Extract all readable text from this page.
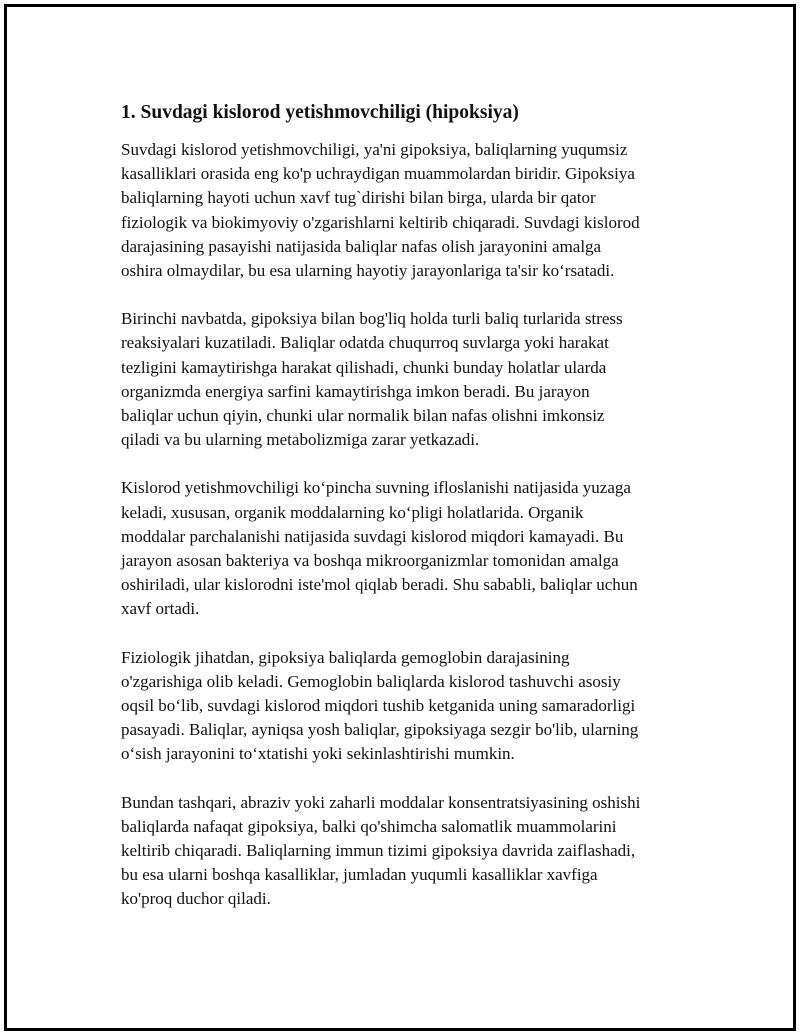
1. Suvdagi kislorod yetishmovchiligi (hipoksiya)
Suvdagi kislorod yetishmovchiligi, ya'ni gipoksiya, baliqlarning yuqumsiz
kasalliklari orasida eng ko'p uchraydigan muammolardan biridir. Gipoksiya
baliqlarning hayoti uchun xavf tug`dirishi bilan birga, ularda bir qator
fiziologik va biokimyoviy o'zgarishlarni keltirib chiqaradi. Suvdagi kislorod
darajasining pasayishi natijasida baliqlar nafas olish jarayonini amalga
oshira olmaydilar, bu esa ularning hayotiy jarayonlariga ta'sir ko‘rsatadi.
Birinchi navbatda, gipoksiya bilan bog'liq holda turli baliq turlarida stress
reaksiyalari kuzatiladi. Baliqlar odatda chuqurroq suvlarga yoki harakat
tezligini kamaytirishga harakat qilishadi, chunki bunday holatlar ularda
organizmda energiya sarfini kamaytirishga imkon beradi. Bu jarayon
baliqlar uchun qiyin, chunki ular normalik bilan nafas olishni imkonsiz
qiladi va bu ularning metabolizmiga zarar yetkazadi.
Kislorod yetishmovchiligi ko‘pincha suvning ifloslanishi natijasida yuzaga
keladi, xususan, organik moddalarning ko‘pligi holatlarida. Organik
moddalar parchalanishi natijasida suvdagi kislorod miqdori kamayadi. Bu
jarayon asosan bakteriya va boshqa mikroorganizmlar tomonidan amalga
oshiriladi, ular kislorodni iste'mol qiqlab beradi. Shu sababli, baliqlar uchun
xavf ortadi.
Fiziologik jihatdan, gipoksiya baliqlarda gemoglobin darajasining
o'zgarishiga olib keladi. Gemoglobin baliqlarda kislorod tashuvchi asosiy
oqsil bo‘lib, suvdagi kislorod miqdori tushib ketganida uning samaradorligi
pasayadi. Baliqlar, ayniqsa yosh baliqlar, gipoksiyaga sezgir bo'lib, ularning
o‘sish jarayonini to‘xtatishi yoki sekinlashtirishi mumkin.
Bundan tashqari, abraziv yoki zaharli moddalar konsentratsiyasining oshishi
baliqlarda nafaqat gipoksiya, balki qo'shimcha salomatlik muammolarini
keltirib chiqaradi. Baliqlarning immun tizimi gipoksiya davrida zaiflashadi,
bu esa ularni boshqa kasalliklar, jumladan yuqumli kasalliklar xavfiga
ko'proq duchor qiladi.
